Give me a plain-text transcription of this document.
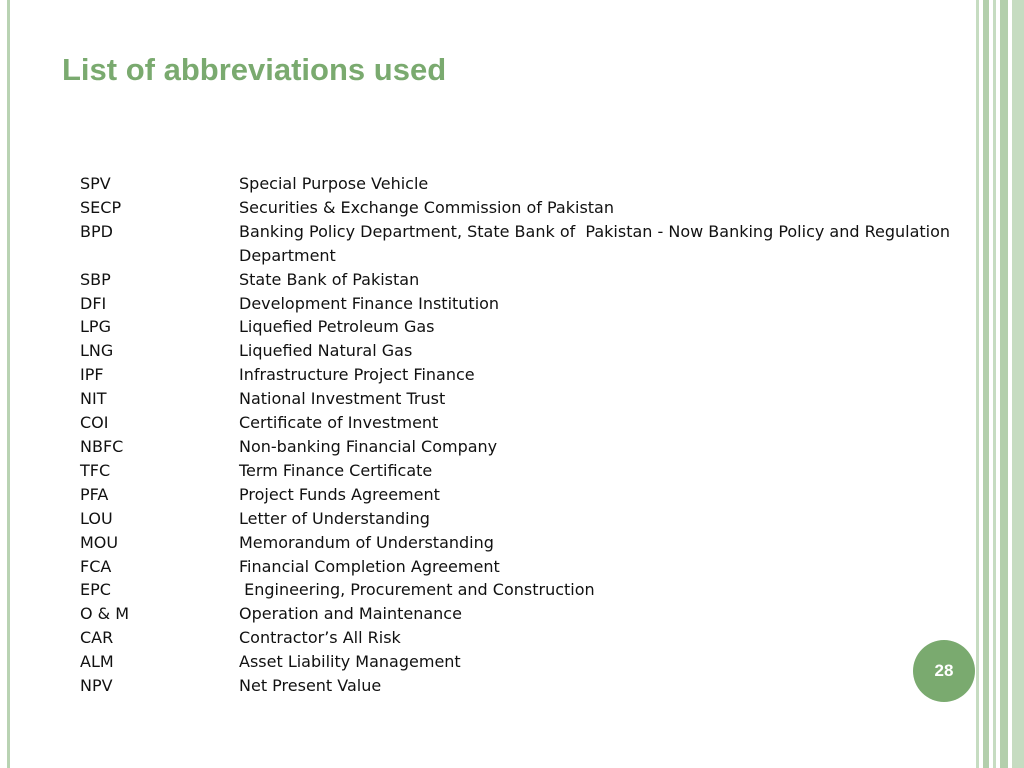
List of abbreviations used
SPV	Special Purpose Vehicle
SECP	Securities & Exchange Commission of Pakistan
BPD	Banking Policy Department, State Bank of  Pakistan - Now Banking Policy and Regulation Department
SBP	State Bank of Pakistan
DFI	Development Finance Institution
LPG	Liquefied Petroleum Gas
LNG	Liquefied Natural Gas
IPF	Infrastructure Project Finance
NIT	National Investment Trust
COI	Certificate of Investment
NBFC	Non-banking Financial Company
TFC	Term Finance Certificate
PFA	Project Funds Agreement
LOU	Letter of Understanding
MOU	Memorandum of Understanding
FCA	Financial Completion Agreement
EPC	Engineering, Procurement and Construction
O & M	Operation and Maintenance
CAR	Contractor’s All Risk
ALM	Asset Liability Management
NPV	Net Present Value
28
